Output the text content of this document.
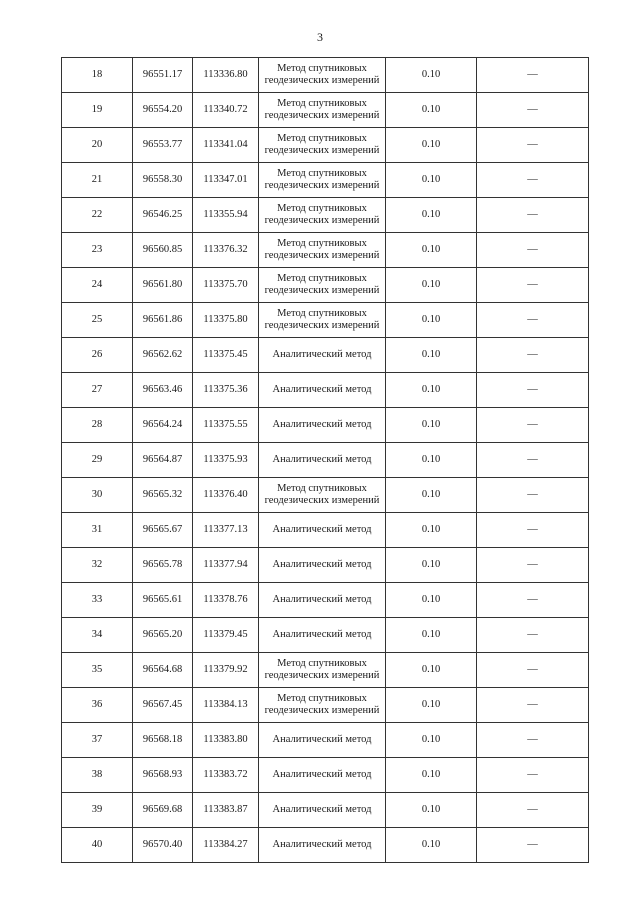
3
18	96551.17	113336.80	Метод спутниковых геодезических измерений	0.10	—
19	96554.20	113340.72	Метод спутниковых геодезических измерений	0.10	—
20	96553.77	113341.04	Метод спутниковых геодезических измерений	0.10	—
21	96558.30	113347.01	Метод спутниковых геодезических измерений	0.10	—
22	96546.25	113355.94	Метод спутниковых геодезических измерений	0.10	—
23	96560.85	113376.32	Метод спутниковых геодезических измерений	0.10	—
24	96561.80	113375.70	Метод спутниковых геодезических измерений	0.10	—
25	96561.86	113375.80	Метод спутниковых геодезических измерений	0.10	—
26	96562.62	113375.45	Аналитический метод	0.10	—
27	96563.46	113375.36	Аналитический метод	0.10	—
28	96564.24	113375.55	Аналитический метод	0.10	—
29	96564.87	113375.93	Аналитический метод	0.10	—
30	96565.32	113376.40	Метод спутниковых геодезических измерений	0.10	—
31	96565.67	113377.13	Аналитический метод	0.10	—
32	96565.78	113377.94	Аналитический метод	0.10	—
33	96565.61	113378.76	Аналитический метод	0.10	—
34	96565.20	113379.45	Аналитический метод	0.10	—
35	96564.68	113379.92	Метод спутниковых геодезических измерений	0.10	—
36	96567.45	113384.13	Метод спутниковых геодезических измерений	0.10	—
37	96568.18	113383.80	Аналитический метод	0.10	—
38	96568.93	113383.72	Аналитический метод	0.10	—
39	96569.68	113383.87	Аналитический метод	0.10	—
40	96570.40	113384.27	Аналитический метод	0.10	—
